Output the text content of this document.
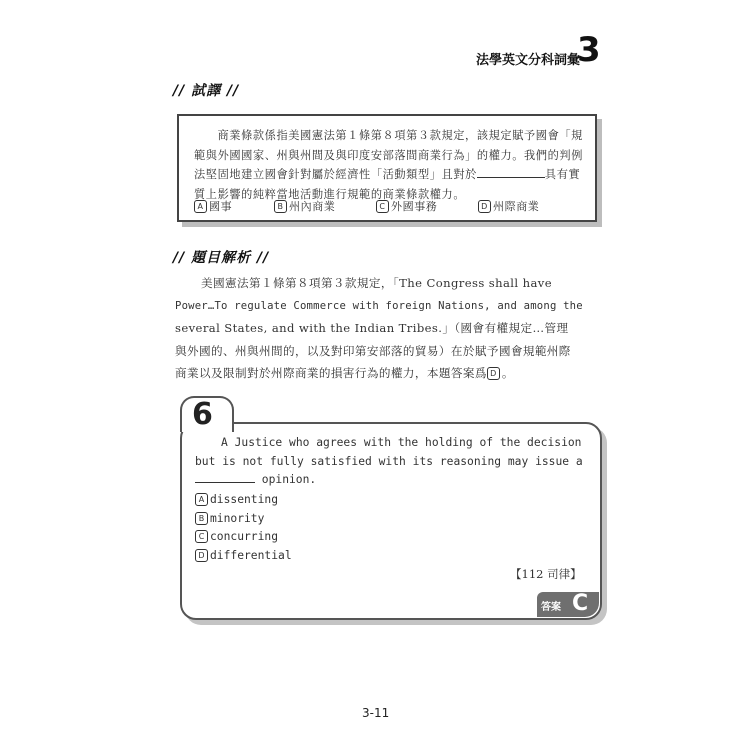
法學英文分科詞彙
3
// 試譯 //
商業條款係指美國憲法第１條第８項第３款規定，該規定賦予國會「規範與外國國家、州與州間及與印度安部落間商業行為」的權力。我們的判例法堅固地建立國會針對屬於經濟性「活動類型」且對於	具有實質上影響的純粹當地活動進行規範的商業條款權力。
A 國事	B 州內商業	C 外國事務	D 州際商業
// 題目解析 //
美國憲法第１條第８項第３款規定，「The Congress shall have
Power…To regulate Commerce with foreign Nations, and among the
several States, and with the Indian Tribes.」（國會有權規定…管理
與外國的、州與州間的，以及對印第安部落的貿易）在於賦予國會規範州際
商業以及限制對於州際商業的損害行為的權力，本題答案爲 D 。
6
A Justice who agrees with the holding of the decision
but is not fully satisfied with its reasoning may issue a
opinion.
A dissenting
B minority
C concurring
D differential
【112 司律】
答案 C
3-11
